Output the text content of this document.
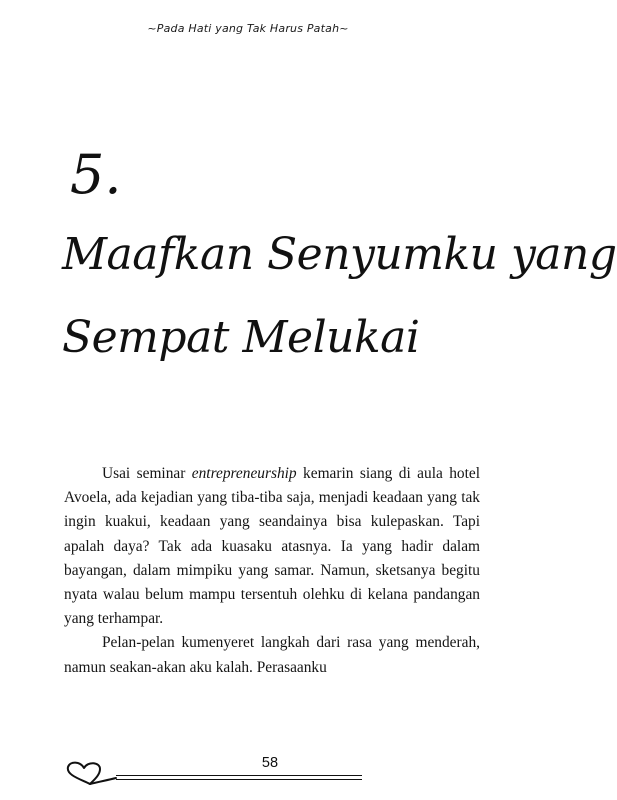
~Pada Hati yang Tak Harus Patah~
5.
Maafkan Senyumku yang
Sempat Melukai

Usai seminar entrepreneurship kemarin siang di aula hotel Avoela, ada kejadian yang tiba-tiba saja, menjadi keadaan yang tak ingin kuakui, keadaan yang seandainya bisa kulepaskan. Tapi apalah daya? Tak ada kuasaku atasnya. Ia yang hadir dalam bayangan, dalam mimpiku yang samar. Namun, sketsanya begitu nyata walau belum mampu tersentuh olehku di kelana pandangan yang terhampar.

Pelan-pelan kumenyeret langkah dari rasa yang menderah, namun seakan-akan aku kalah. Perasaanku

58
